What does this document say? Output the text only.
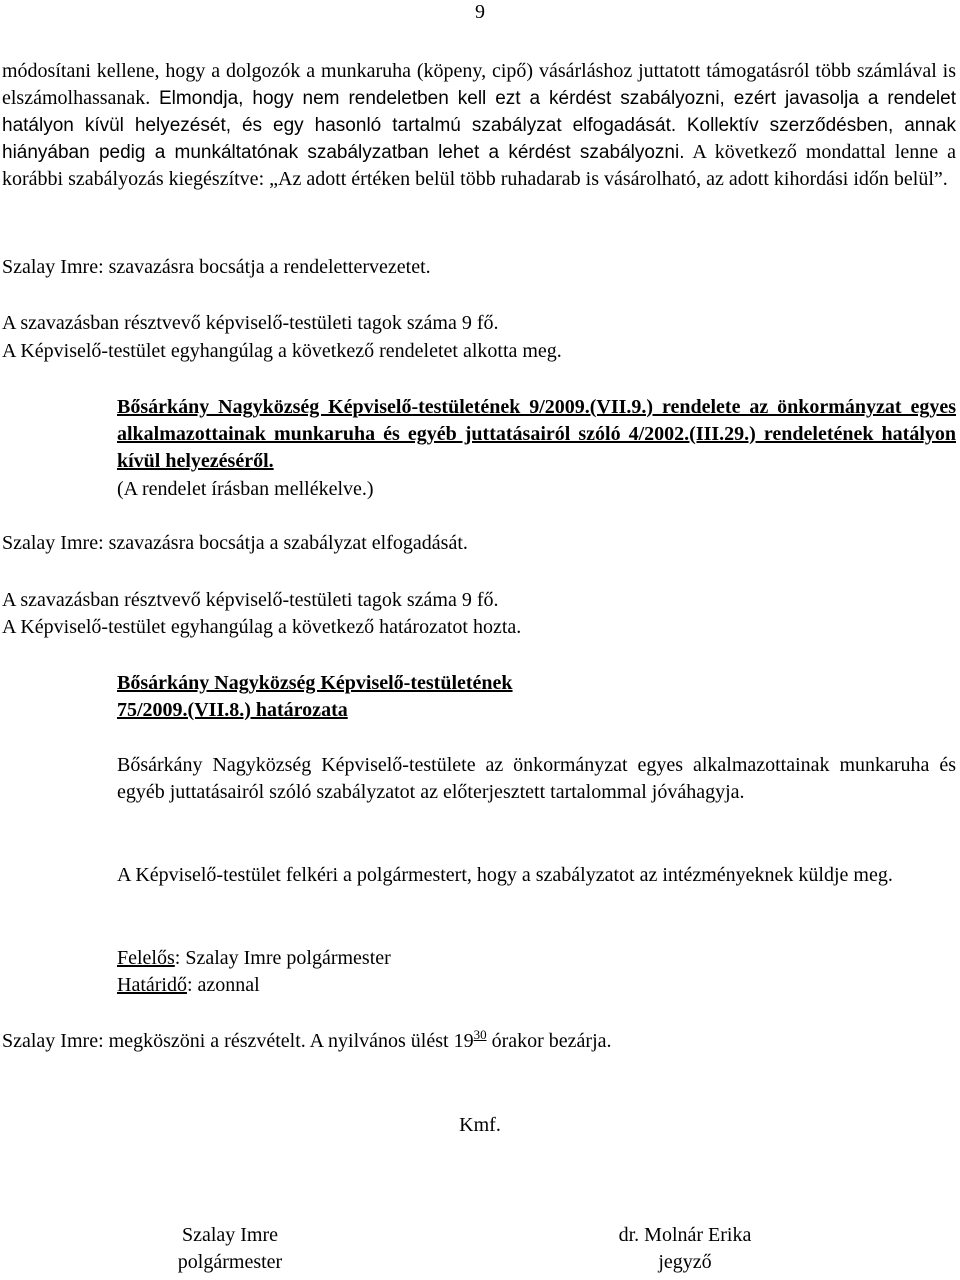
9
módosítani kellene, hogy a dolgozók a munkaruha (köpeny, cipő) vásárláshoz juttatott támogatásról több számlával is elszámolhassanak. Elmondja, hogy nem rendeletben kell ezt a kérdést szabályozni, ezért javasolja a rendelet hatályon kívül helyezését, és egy hasonló tartalmú szabályzat elfogadását. Kollektív szerződésben, annak hiányában pedig a munkáltatónak szabályzatban lehet a kérdést szabályozni. A következő mondattal lenne a korábbi szabályozás kiegészítve: „Az adott értéken belül több ruhadarab is vásárolható, az adott kihordási időn belül”.
Szalay Imre: szavazásra bocsátja a rendelettervezetet.
A szavazásban résztvevő képviselő-testületi tagok száma 9 fő.
A Képviselő-testület egyhangúlag a következő rendeletet alkotta meg.
Bősárkány Nagyközség Képviselő-testületének 9/2009.(VII.9.) rendelete az önkormányzat egyes alkalmazottainak munkaruha és egyéb juttatásairól szóló 4/2002.(III.29.) rendeletének hatályon kívül helyezéséről.
(A rendelet írásban mellékelve.)
Szalay Imre: szavazásra bocsátja a szabályzat elfogadását.
A szavazásban résztvevő képviselő-testületi tagok száma 9 fő.
A Képviselő-testület egyhangúlag a következő határozatot hozta.
Bősárkány Nagyközség Képviselő-testületének
75/2009.(VII.8.) határozata
Bősárkány Nagyközség Képviselő-testülete az önkormányzat egyes alkalmazottainak munkaruha és egyéb juttatásairól szóló szabályzatot az előterjesztett tartalommal jóváhagyja.
A Képviselő-testület felkéri a polgármestert, hogy a szabályzatot az intézményeknek küldje meg.
Felelős: Szalay Imre polgármester
Határidő: azonnal
Szalay Imre: megköszöni a részvételt. A nyilvános ülést $19^{30}$ órakor bezárja.
Kmf.
Szalay Imre
polgármester
dr. Molnár Erika
jegyző
